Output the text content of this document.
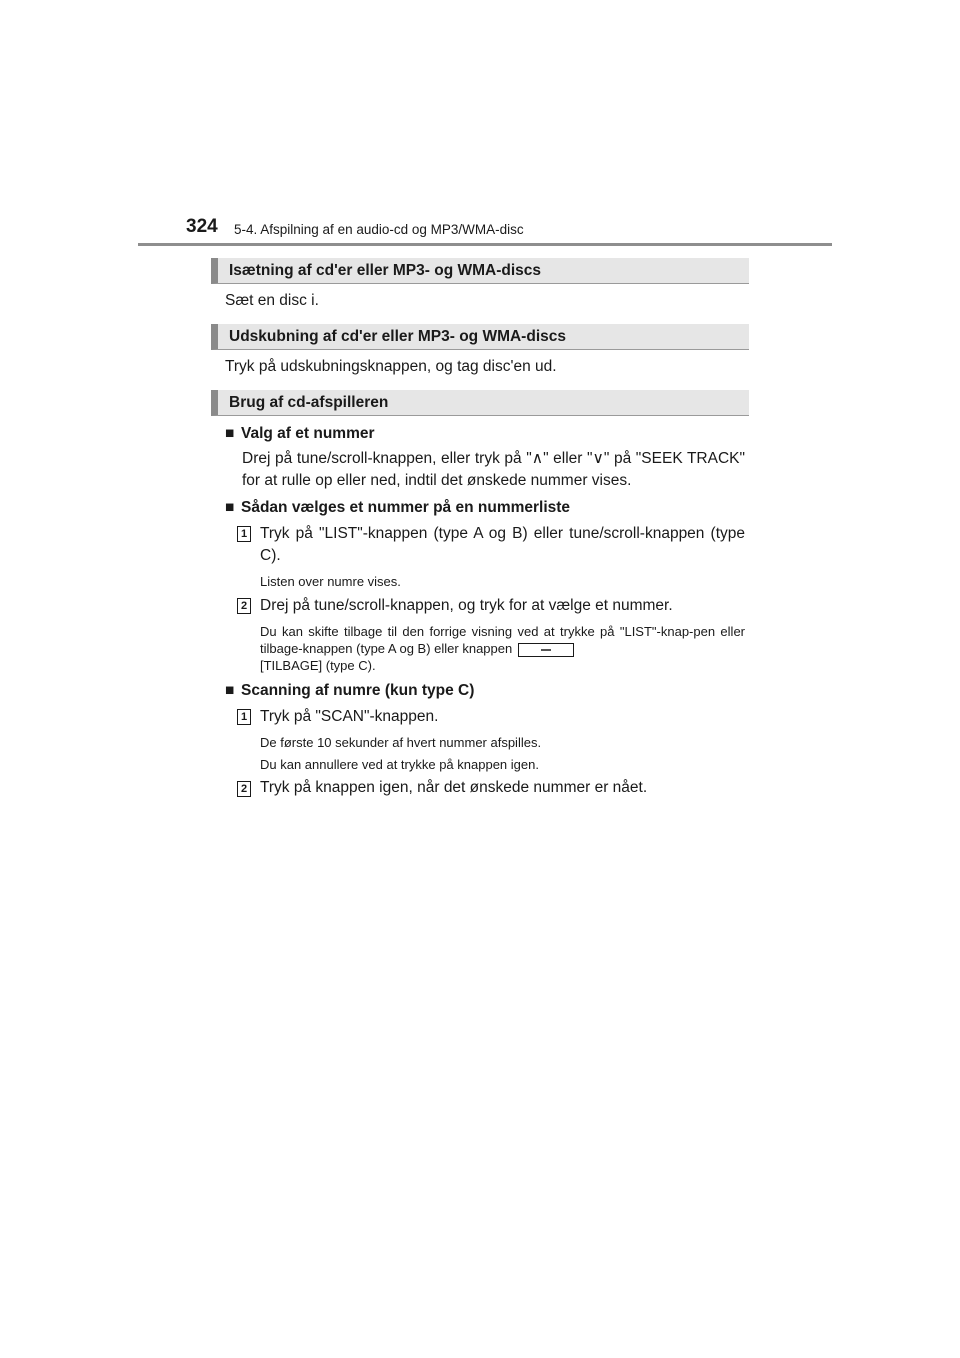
324 5-4. Afspilning af en audio-cd og MP3/WMA-disc
Isætning af cd'er eller MP3- og WMA-discs
Sæt en disc i.
Udskubning af cd'er eller MP3- og WMA-discs
Tryk på udskubningsknappen, og tag disc'en ud.
Brug af cd-afspilleren
■ Valg af et nummer
Drej på tune/scroll-knappen, eller tryk på "∧" eller "∨" på "SEEK TRACK" for at rulle op eller ned, indtil det ønskede nummer vises.
■ Sådan vælges et nummer på en nummerliste
1 Tryk på "LIST"-knappen (type A og B) eller tune/scroll-knappen (type C).
Listen over numre vises.
2 Drej på tune/scroll-knappen, og tryk for at vælge et nummer.
Du kan skifte tilbage til den forrige visning ved at trykke på "LIST"-knap-pen eller tilbage-knappen (type A og B) eller knappen
[TILBAGE] (type C).
■ Scanning af numre (kun type C)
1 Tryk på "SCAN"-knappen.
De første 10 sekunder af hvert nummer afspilles.
Du kan annullere ved at trykke på knappen igen.
2 Tryk på knappen igen, når det ønskede nummer er nået.
